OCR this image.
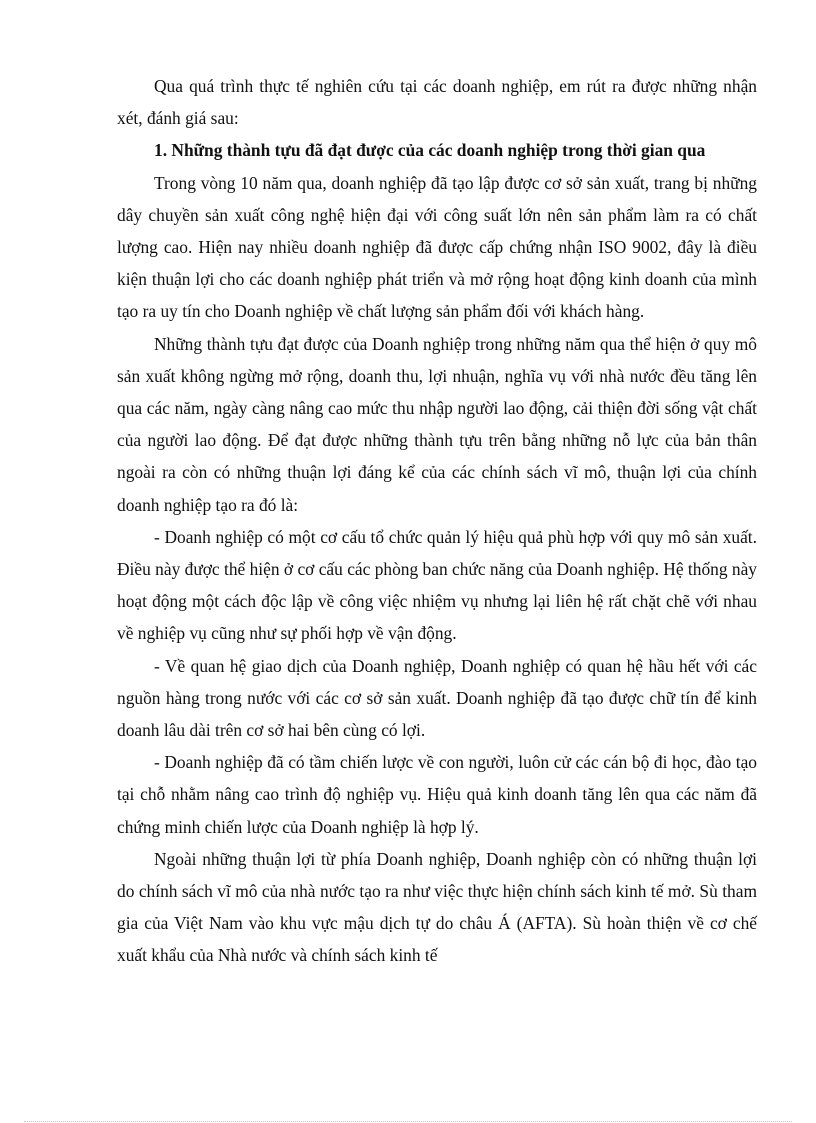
Qua quá trình thực tế nghiên cứu tại các doanh nghiệp, em rút ra được những nhận xét, đánh giá sau:

1. Những thành tựu đã đạt được của các doanh nghiệp trong thời gian qua

Trong vòng 10 năm qua, doanh nghiệp đã tạo lập được cơ sở sản xuất, trang bị những dây chuyền sản xuất công nghệ hiện đại với công suất lớn nên sản phẩm làm ra có chất lượng cao. Hiện nay nhiều doanh nghiệp đã được cấp chứng nhận ISO 9002, đây là điều kiện thuận lợi cho các doanh nghiệp phát triển và mở rộng hoạt động kinh doanh của mình tạo ra uy tín cho Doanh nghiệp về chất lượng sản phẩm đối với khách hàng.

Những thành tựu đạt được của Doanh nghiệp trong những năm qua thể hiện ở quy mô sản xuất không ngừng mở rộng, doanh thu, lợi nhuận, nghĩa vụ với nhà nước đều tăng lên qua các năm, ngày càng nâng cao mức thu nhập người lao động, cải thiện đời sống vật chất của người lao động. Để đạt được những thành tựu trên bằng những nỗ lực của bản thân ngoài ra còn có những thuận lợi đáng kể của các chính sách vĩ mô, thuận lợi của chính doanh nghiệp tạo ra đó là:

- Doanh nghiệp có một cơ cấu tổ chức quản lý hiệu quả phù hợp với quy mô sản xuất. Điều này được thể hiện ở cơ cấu các phòng ban chức năng của Doanh nghiệp. Hệ thống này hoạt động một cách độc lập về công việc nhiệm vụ nhưng lại liên hệ rất chặt chẽ với nhau về nghiệp vụ cũng như sự phối hợp về vận động.

- Về quan hệ giao dịch của Doanh nghiệp, Doanh nghiệp có quan hệ hầu hết với các nguồn hàng trong nước với các cơ sở sản xuất. Doanh nghiệp đã tạo được chữ tín để kinh doanh lâu dài trên cơ sở hai bên cùng có lợi.

- Doanh nghiệp đã có tầm chiến lược về con người, luôn cử các cán bộ đi học, đào tạo tại chỗ nhằm nâng cao trình độ nghiệp vụ. Hiệu quả kinh doanh tăng lên qua các năm đã chứng minh chiến lược của Doanh nghiệp là hợp lý.

Ngoài những thuận lợi từ phía Doanh nghiệp, Doanh nghiệp còn có những thuận lợi do chính sách vĩ mô của nhà nước tạo ra như việc thực hiện chính sách kinh tế mở. Sù tham gia của Việt Nam vào khu vực mậu dịch tự do châu Á (AFTA). Sù hoàn thiện về cơ chế xuất khẩu của Nhà nước và chính sách kinh tế
